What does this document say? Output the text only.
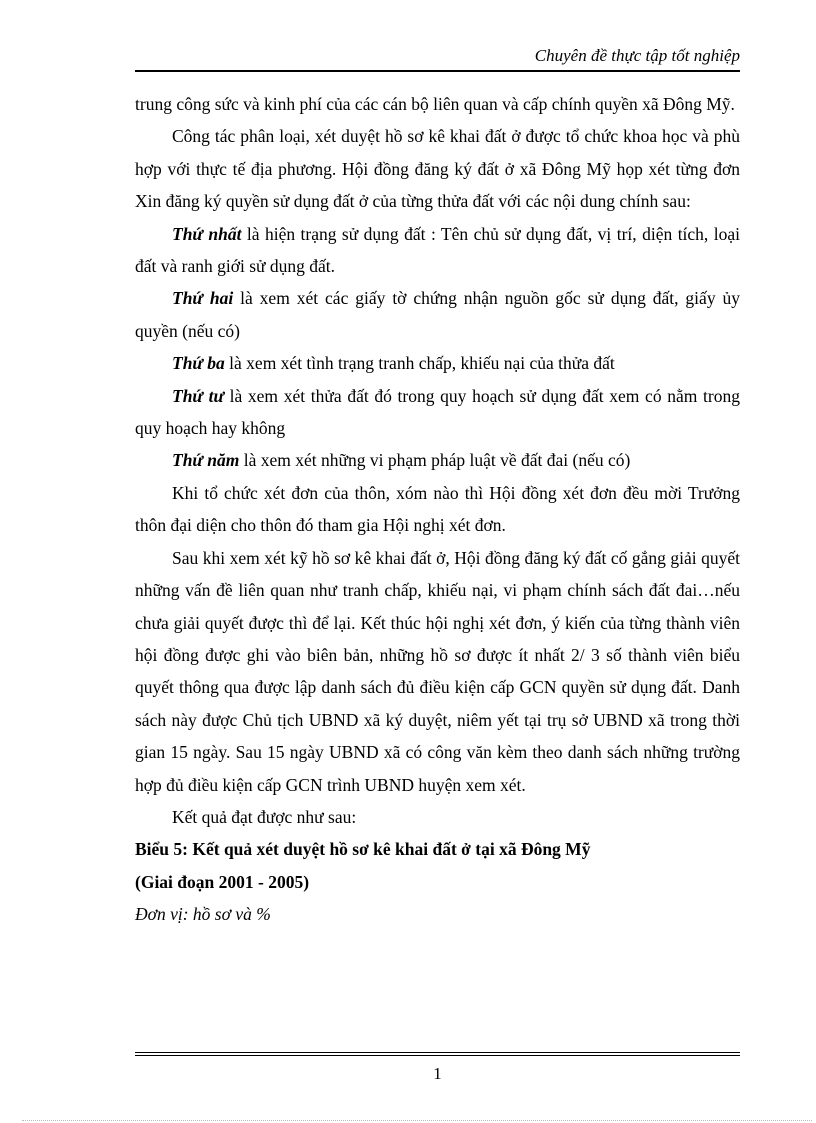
Chuyên đề thực tập tốt nghiệp

trung công sức và kinh phí của các cán bộ liên quan và cấp chính quyền xã Đông Mỹ.

Công tác phân loại, xét duyệt hồ sơ kê khai đất ở được tổ chức khoa học và phù hợp với thực tế địa phương. Hội đồng đăng ký đất ở xã Đông Mỹ họp xét từng đơn Xin đăng ký quyền sử dụng đất ở của từng thửa đất với các nội dung chính sau:

Thứ nhất là hiện trạng sử dụng đất : Tên chủ sử dụng đất, vị trí, diện tích, loại đất và ranh giới sử dụng đất.

Thứ hai là xem xét các giấy tờ chứng nhận nguồn gốc sử dụng đất, giấy ủy quyền (nếu có)

Thứ ba là xem xét tình trạng tranh chấp, khiếu nại của thửa đất

Thứ tư là xem xét thửa đất đó trong quy hoạch sử dụng đất xem có nằm trong quy hoạch hay không

Thứ năm là xem xét những vi phạm pháp luật về đất đai (nếu có)

Khi tổ chức xét đơn của thôn, xóm nào thì Hội đồng xét đơn đều mời Trưởng thôn đại diện cho thôn đó tham gia Hội nghị xét đơn.

Sau khi xem xét kỹ hồ sơ kê khai đất ở, Hội đồng đăng ký đất cố gắng giải quyết những vấn đề liên quan như tranh chấp, khiếu nại, vi phạm chính sách đất đai…nếu chưa giải quyết được thì để lại. Kết thúc hội nghị xét đơn, ý kiến của từng thành viên hội đồng được ghi vào biên bản, những hồ sơ được ít nhất 2/ 3 số thành viên biểu quyết thông qua được lập danh sách đủ điều kiện cấp GCN quyền sử dụng đất. Danh sách này được Chủ tịch UBND xã ký duyệt, niêm yết tại trụ sở UBND xã trong thời gian 15 ngày. Sau 15 ngày UBND xã có công văn kèm theo danh sách những trường hợp đủ điều kiện cấp GCN trình UBND huyện xem xét.

Kết quả đạt được như sau:

Biểu 5: Kết quả xét duyệt hồ sơ kê khai đất ở tại xã Đông Mỹ

(Giai đoạn 2001 - 2005)

Đơn vị: hồ sơ và %

1
